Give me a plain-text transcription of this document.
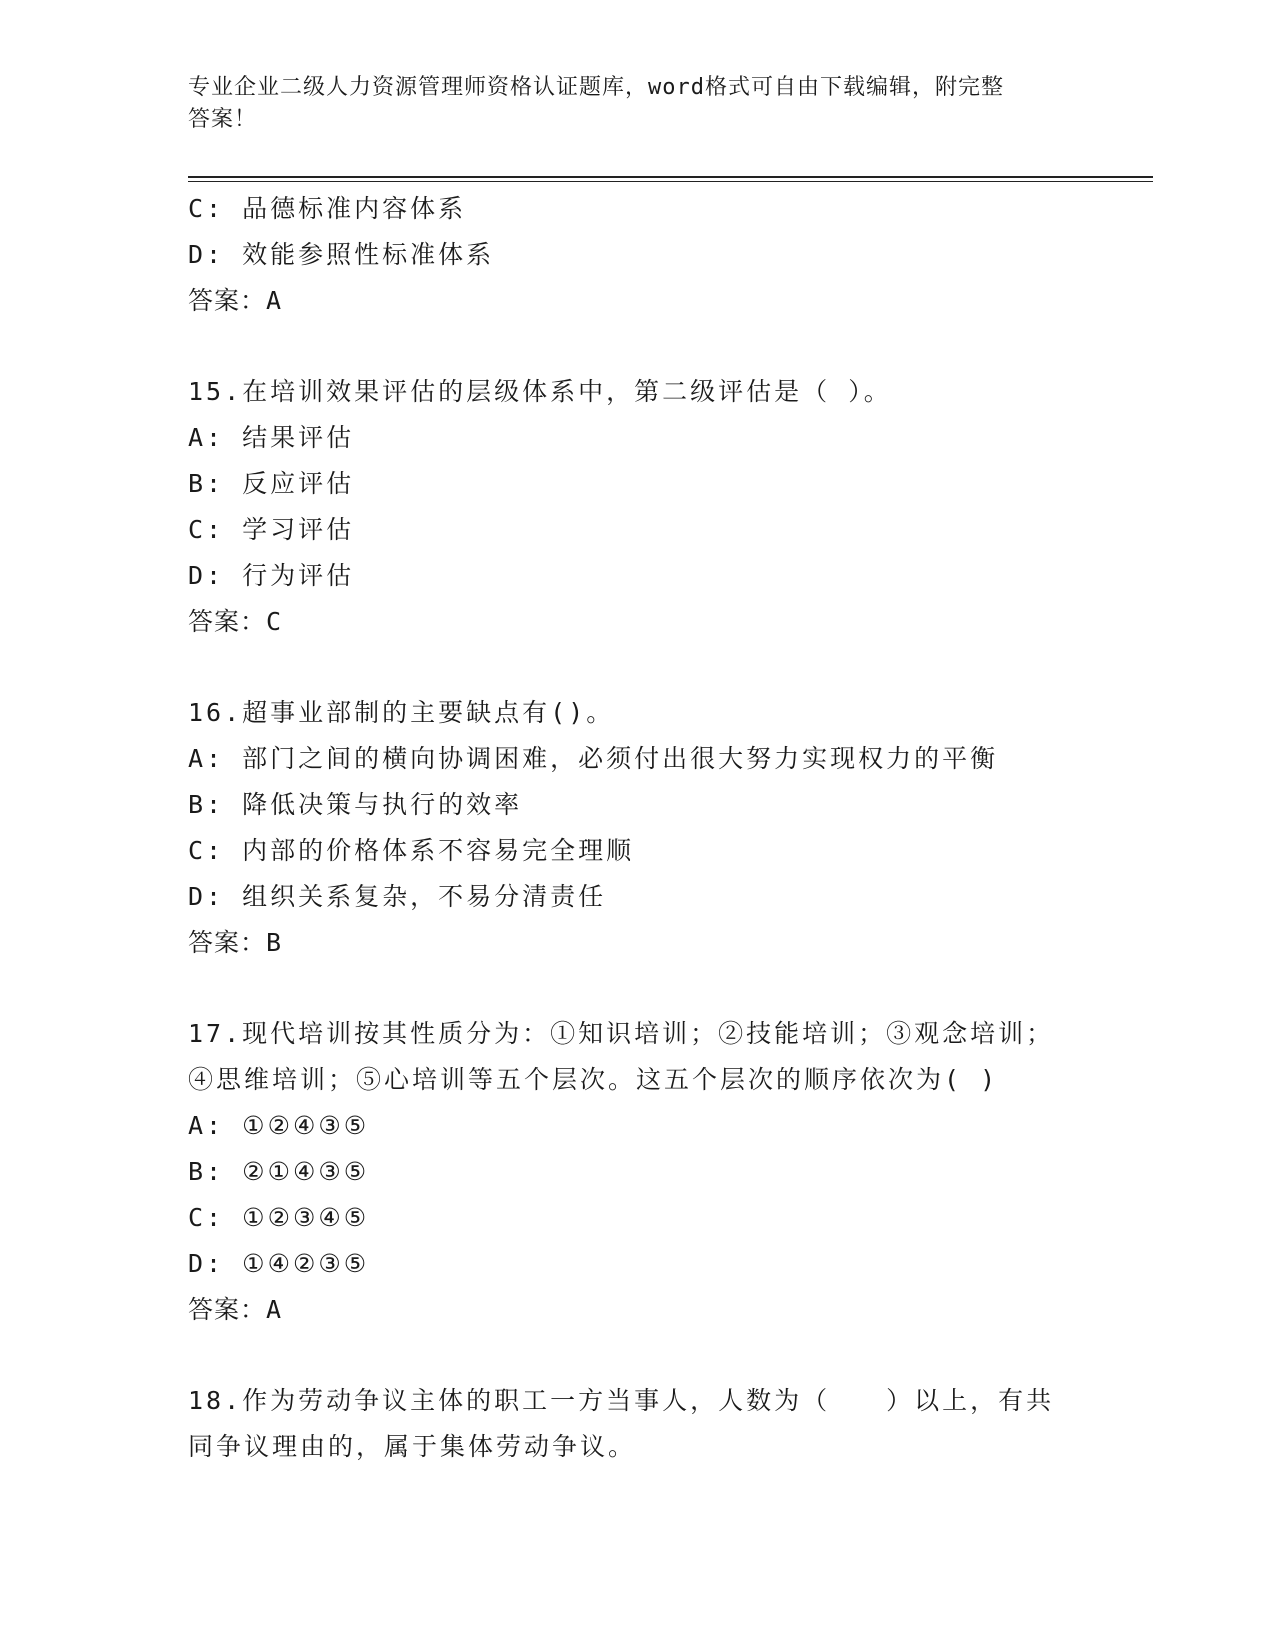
专业企业二级人力资源管理师资格认证题库，word格式可自由下载编辑，附完整
答案！
C: 品德标准内容体系
D: 效能参照性标准体系
答案：A
15.在培训效果评估的层级体系中，第二级评估是（ ）。
A: 结果评估
B: 反应评估
C: 学习评估
D: 行为评估
答案：C
16.超事业部制的主要缺点有()。
A: 部门之间的横向协调困难，必须付出很大努力实现权力的平衡
B: 降低决策与执行的效率
C: 内部的价格体系不容易完全理顺
D: 组织关系复杂，不易分清责任
答案：B
17.现代培训按其性质分为：①知识培训；②技能培训；③观念培训；
④思维培训；⑤心培训等五个层次。这五个层次的顺序依次为( )
A: ①②④③⑤
B: ②①④③⑤
C: ①②③④⑤
D: ①④②③⑤
答案：A
18.作为劳动争议主体的职工一方当事人，人数为（　　）以上，有共
同争议理由的，属于集体劳动争议。
